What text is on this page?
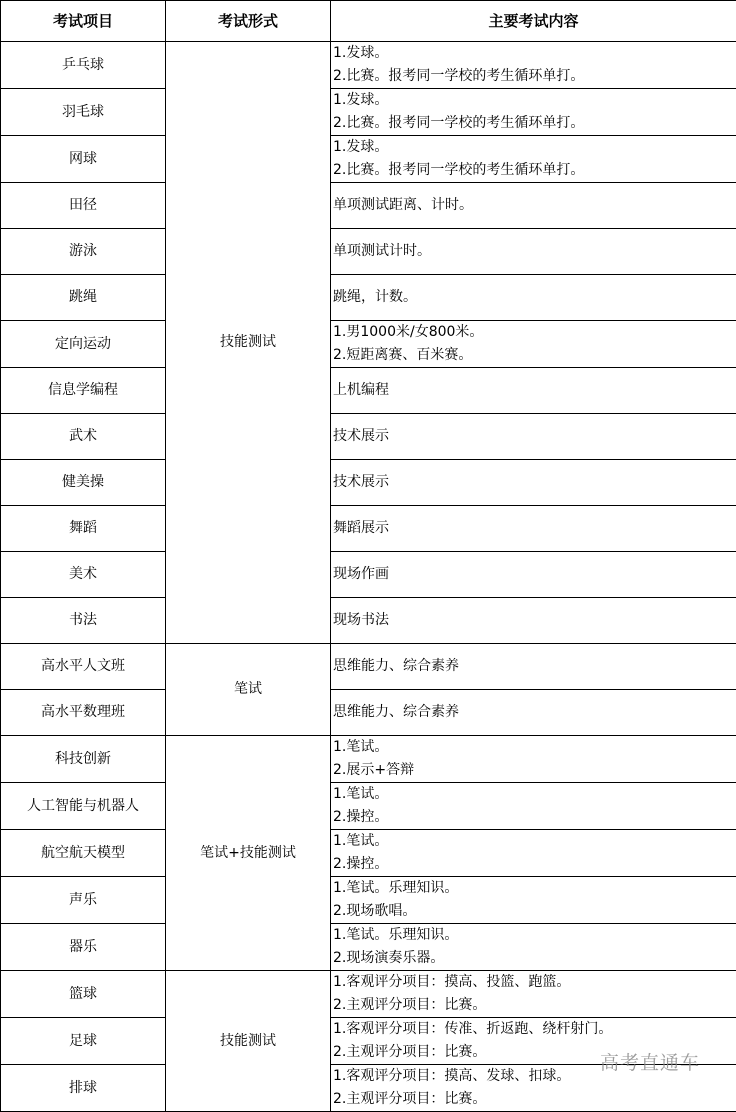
考试项目	考试形式	主要考试内容
乒乓球	技能测试	1.发球。
2.比赛。报考同一学校的考生循环单打。

羽毛球		1.发球。
2.比赛。报考同一学校的考生循环单打。

网球		1.发球。
2.比赛。报考同一学校的考生循环单打。

田径		单项测试距离、计时。

游泳		单项测试计时。

跳绳		跳绳，计数。

定向运动		1.男1000米/女800米。
2.短距离赛、百米赛。

信息学编程		上机编程

武术		技术展示

健美操		技术展示

舞蹈		舞蹈展示

美术		现场作画

书法		现场书法

高水平人文班	笔试	思维能力、综合素养

高水平数理班		思维能力、综合素养

科技创新	笔试+技能测试	1.笔试。
2.展示+答辩

人工智能与机器人		1.笔试。
2.操控。

航空航天模型		1.笔试。
2.操控。

声乐		1.笔试。乐理知识。
2.现场歌唱。

器乐		1.笔试。乐理知识。
2.现场演奏乐器。

篮球	技能测试	1.客观评分项目：摸高、投篮、跑篮。
2.主观评分项目：比赛。

足球		1.客观评分项目：传准、折返跑、绕杆射门。
2.主观评分项目：比赛。

排球		1.客观评分项目：摸高、发球、扣球。
2.主观评分项目：比赛。
高考直通车
